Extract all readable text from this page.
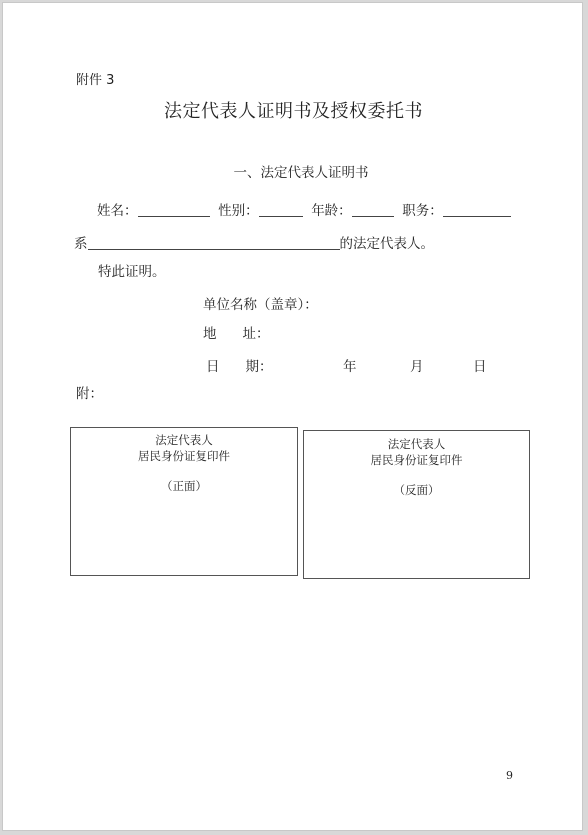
附件 3
法定代表人证明书及授权委托书
一、法定代表人证明书
姓名：	性别：	年龄：	职务：
系	的法定代表人。
特此证明。
单位名称（盖章）：
地 址：
日 期：	年	月	日
附：
法定代表人
居民身份证复印件
（正面）
法定代表人
居民身份证复印件
（反面）
9
